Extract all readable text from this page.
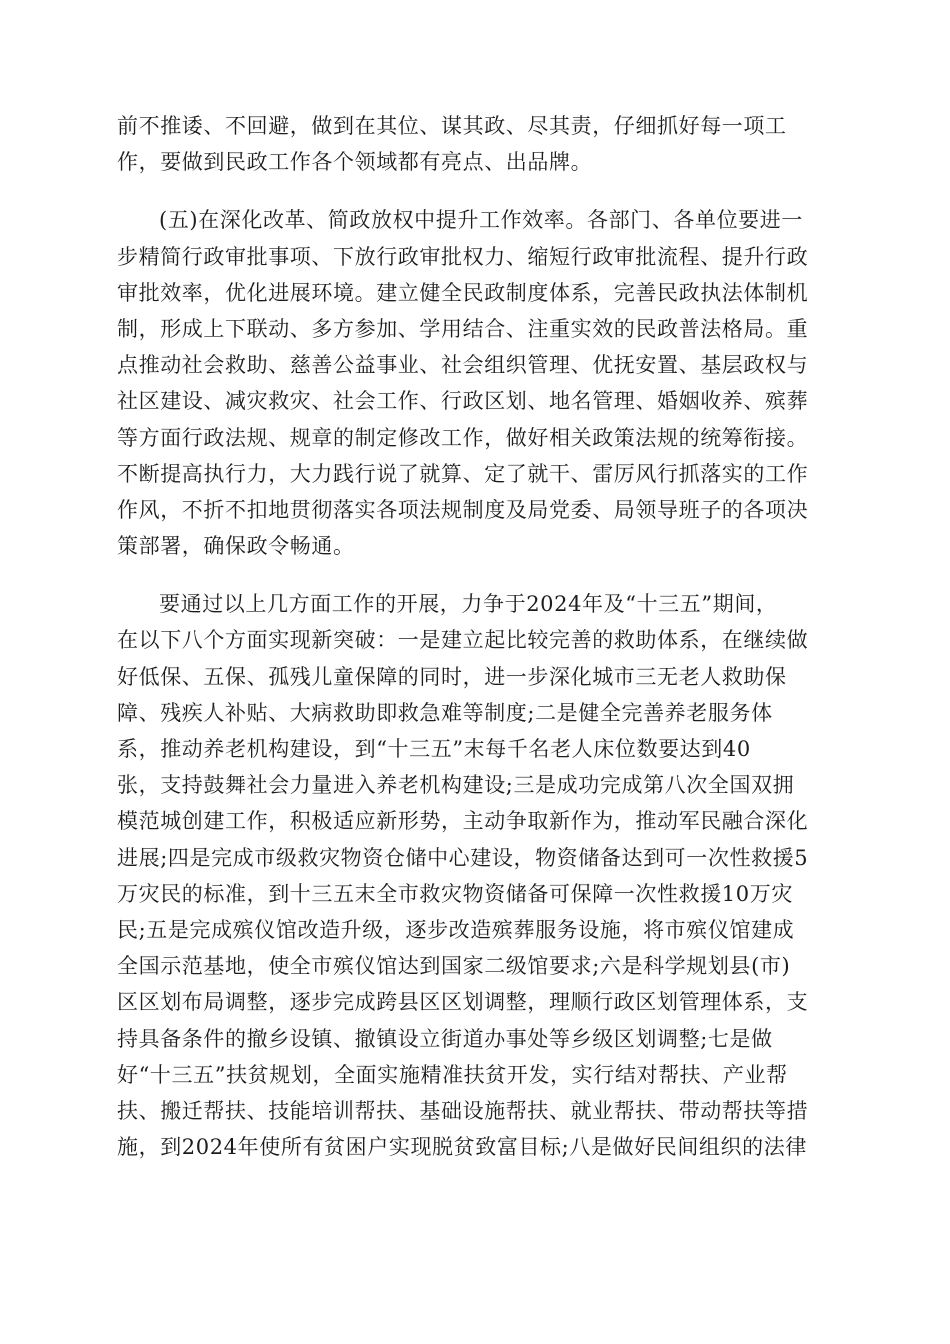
前不推诿、不回避，做到在其位、谋其政、尽其责，仔细抓好每一项工
作，要做到民政工作各个领域都有亮点、出品牌。
(五)在深化改革、简政放权中提升工作效率。各部门、各单位要进一
步精简行政审批事项、下放行政审批权力、缩短行政审批流程、提升行政
审批效率，优化进展环境。建立健全民政制度体系，完善民政执法体制机
制，形成上下联动、多方参加、学用结合、注重实效的民政普法格局。重
点推动社会救助、慈善公益事业、社会组织管理、优抚安置、基层政权与
社区建设、减灾救灾、社会工作、行政区划、地名管理、婚姻收养、殡葬
等方面行政法规、规章的制定修改工作，做好相关政策法规的统筹衔接。
不断提高执行力，大力践行说了就算、定了就干、雷厉风行抓落实的工作
作风，不折不扣地贯彻落实各项法规制度及局党委、局领导班子的各项决
策部署，确保政令畅通。
要通过以上几方面工作的开展，力争于2024年及“十三五”期间，
在以下八个方面实现新突破：一是建立起比较完善的救助体系，在继续做
好低保、五保、孤残儿童保障的同时，进一步深化城市三无老人救助保
障、残疾人补贴、大病救助即救急难等制度;二是健全完善养老服务体
系，推动养老机构建设，到“十三五”末每千名老人床位数要达到40
张，支持鼓舞社会力量进入养老机构建设;三是成功完成第八次全国双拥
模范城创建工作，积极适应新形势，主动争取新作为，推动军民融合深化
进展;四是完成市级救灾物资仓储中心建设，物资储备达到可一次性救援5
万灾民的标准，到十三五末全市救灾物资储备可保障一次性救援10万灾
民;五是完成殡仪馆改造升级，逐步改造殡葬服务设施，将市殡仪馆建成
全国示范基地，使全市殡仪馆达到国家二级馆要求;六是科学规划县(市)
区区划布局调整，逐步完成跨县区区划调整，理顺行政区划管理体系，支
持具备条件的撤乡设镇、撤镇设立街道办事处等乡级区划调整;七是做
好“十三五”扶贫规划，全面实施精准扶贫开发，实行结对帮扶、产业帮
扶、搬迁帮扶、技能培训帮扶、基础设施帮扶、就业帮扶、带动帮扶等措
施，到2024年使所有贫困户实现脱贫致富目标;八是做好民间组织的法律
